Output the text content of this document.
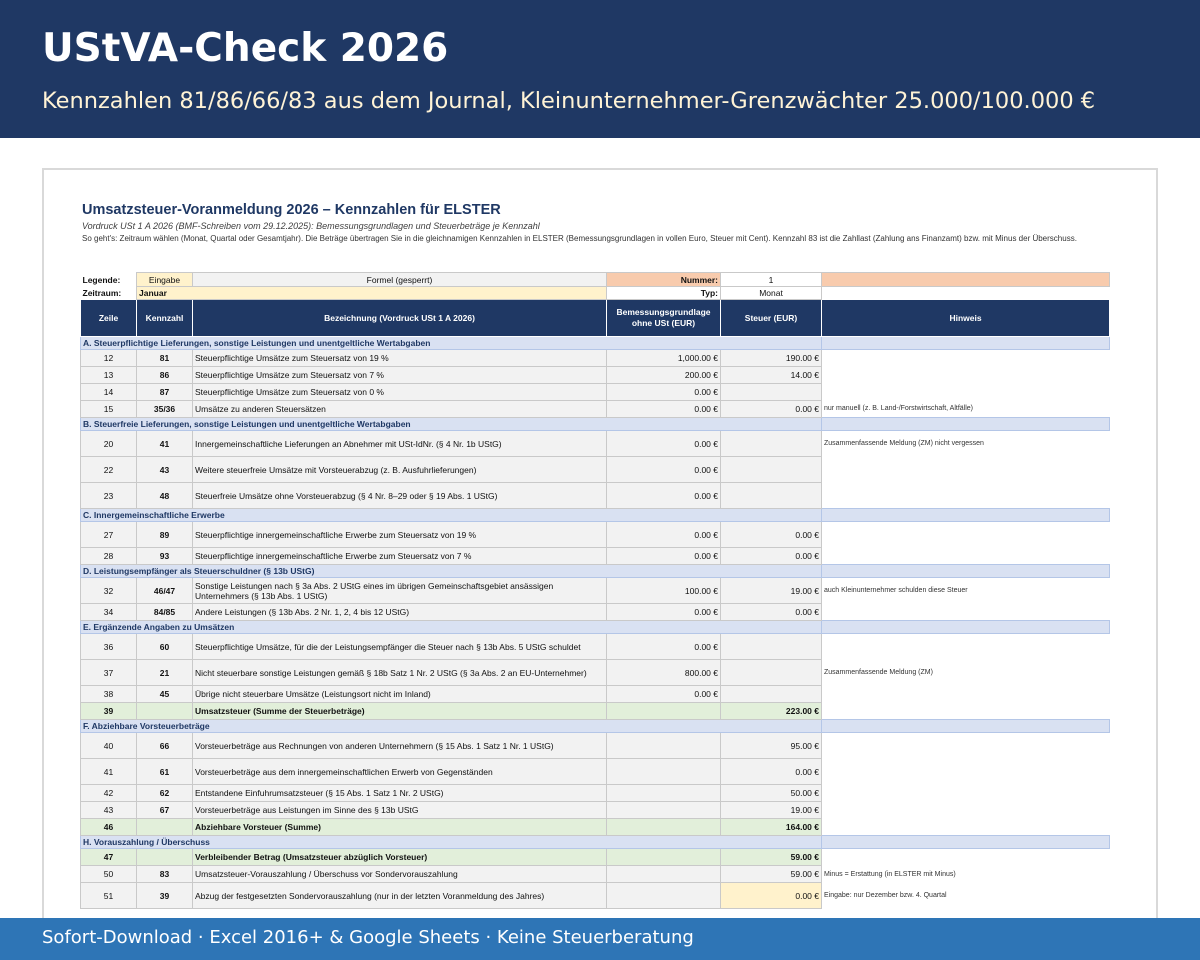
UStVA-Check 2026
Kennzahlen 81/86/66/83 aus dem Journal, Kleinunternehmer-Grenzwächter 25.000/100.000 €
Umsatzsteuer-Voranmeldung 2026 – Kennzahlen für ELSTER
Vordruck USt 1 A 2026 (BMF-Schreiben vom 29.12.2025): Bemessungsgrundlagen und Steuerbeträge je Kennzahl
So geht's: Zeitraum wählen (Monat, Quartal oder Gesamtjahr). Die Beträge übertragen Sie in die gleichnamigen Kennzahlen in ELSTER (Bemessungsgrundlagen in vollen Euro, Steuer mit Cent). Kennzahl 83 ist die Zahllast (Zahlung ans Finanzamt) bzw. mit Minus der Überschuss.
Legende:	Eingabe	Formel (gesperrt)	Nummer:	1	
Zeitraum:	Januar		Typ:	Monat	
Zeile	Kennzahl	Bezeichnung (Vordruck USt 1 A 2026)	Bemessungsgrundlage ohne USt (EUR)	Steuer (EUR)	Hinweis
A. Steuerpflichtige Lieferungen, sonstige Leistungen und unentgeltliche Wertabgaben					
12	81	Steuerpflichtige Umsätze zum Steuersatz von 19 %	1,000.00 €	190.00 €	
13	86	Steuerpflichtige Umsätze zum Steuersatz von 7 %	200.00 €	14.00 €	
14	87	Steuerpflichtige Umsätze zum Steuersatz von 0 %	0.00 €		
15	35/36	Umsätze zu anderen Steuersätzen	0.00 €	0.00 €	nur manuell (z. B. Land-/Forstwirtschaft, Altfälle)
B. Steuerfreie Lieferungen, sonstige Leistungen und unentgeltliche Wertabgaben					
20	41	Innergemeinschaftliche Lieferungen an Abnehmer mit USt-IdNr. (§ 4 Nr. 1b UStG)	0.00 €		Zusammenfassende Meldung (ZM) nicht vergessen
22	43	Weitere steuerfreie Umsätze mit Vorsteuerabzug (z. B. Ausfuhrlieferungen)	0.00 €		
23	48	Steuerfreie Umsätze ohne Vorsteuerabzug (§ 4 Nr. 8–29 oder § 19 Abs. 1 UStG)	0.00 €		
C. Innergemeinschaftliche Erwerbe					
27	89	Steuerpflichtige innergemeinschaftliche Erwerbe zum Steuersatz von 19 %	0.00 €	0.00 €	
28	93	Steuerpflichtige innergemeinschaftliche Erwerbe zum Steuersatz von 7 %	0.00 €	0.00 €	
D. Leistungsempfänger als Steuerschuldner (§ 13b UStG)					
32	46/47	Sonstige Leistungen nach § 3a Abs. 2 UStG eines im übrigen Gemeinschaftsgebiet ansässigen Unternehmers (§ 13b Abs. 1 UStG)	100.00 €	19.00 €	auch Kleinunternehmer schulden diese Steuer
34	84/85	Andere Leistungen (§ 13b Abs. 2 Nr. 1, 2, 4 bis 12 UStG)	0.00 €	0.00 €	
E. Ergänzende Angaben zu Umsätzen					
36	60	Steuerpflichtige Umsätze, für die der Leistungsempfänger die Steuer nach § 13b Abs. 5 UStG schuldet	0.00 €		
37	21	Nicht steuerbare sonstige Leistungen gemäß § 18b Satz 1 Nr. 2 UStG (§ 3a Abs. 2 an EU-Unternehmer)	800.00 €		Zusammenfassende Meldung (ZM)
38	45	Übrige nicht steuerbare Umsätze (Leistungsort nicht im Inland)	0.00 €		
39		Umsatzsteuer (Summe der Steuerbeträge)		223.00 €	
F. Abziehbare Vorsteuerbeträge					
40	66	Vorsteuerbeträge aus Rechnungen von anderen Unternehmern (§ 15 Abs. 1 Satz 1 Nr. 1 UStG)		95.00 €	
41	61	Vorsteuerbeträge aus dem innergemeinschaftlichen Erwerb von Gegenständen		0.00 €	
42	62	Entstandene Einfuhrumsatzsteuer (§ 15 Abs. 1 Satz 1 Nr. 2 UStG)		50.00 €	
43	67	Vorsteuerbeträge aus Leistungen im Sinne des § 13b UStG		19.00 €	
46		Abziehbare Vorsteuer (Summe)		164.00 €	
H. Vorauszahlung / Überschuss					
47		Verbleibender Betrag (Umsatzsteuer abzüglich Vorsteuer)		59.00 €	
50	83	Umsatzsteuer-Vorauszahlung / Überschuss vor Sondervorauszahlung		59.00 €	Minus = Erstattung (in ELSTER mit Minus)
51	39	Abzug der festgesetzten Sondervorauszahlung (nur in der letzten Voranmeldung des Jahres)		0.00 €	Eingabe: nur Dezember bzw. 4. Quartal
Sofort-Download · Excel 2016+ & Google Sheets · Keine Steuerberatung
